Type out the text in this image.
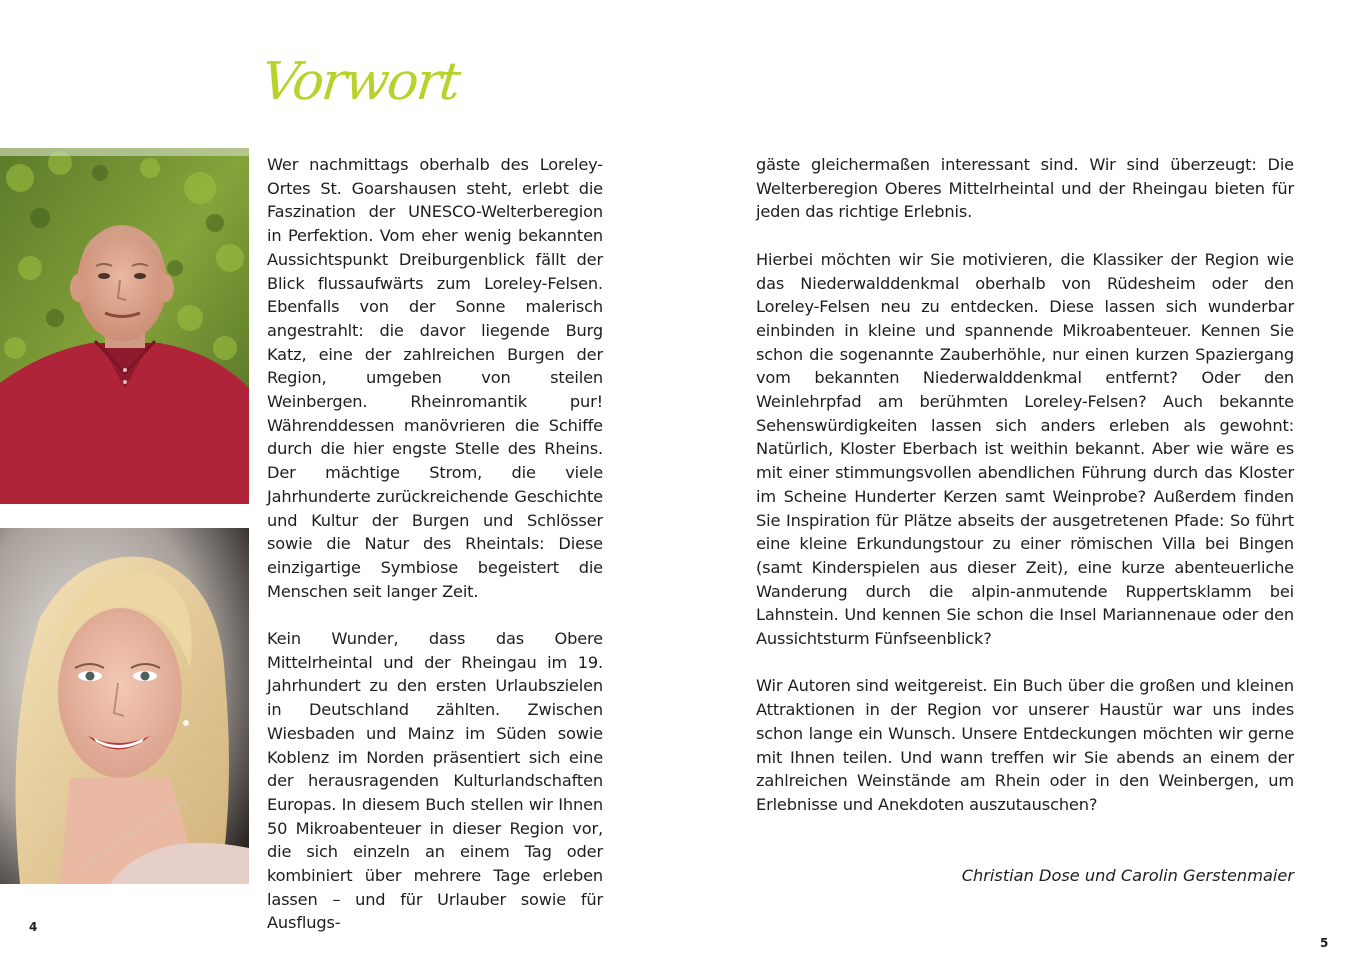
Vorwort

Wer nachmittags oberhalb des Loreley-Ortes St. Goarshausen steht, erlebt die Faszination der UNESCO-Welterberegion in Perfektion. Vom eher wenig bekannten Aussichtspunkt Dreiburgenblick fällt der Blick flussaufwärts zum Loreley-Felsen. Ebenfalls von der Sonne malerisch angestrahlt: die davor liegende Burg Katz, eine der zahlreichen Burgen der Region, umgeben von steilen Weinbergen. Rheinromantik pur! Währenddessen manövrieren die Schiffe durch die hier engste Stelle des Rheins. Der mächtige Strom, die viele Jahrhunderte zurückreichende Geschichte und Kultur der Burgen und Schlösser sowie die Natur des Rheintals: Diese einzigartige Symbiose begeistert die Menschen seit langer Zeit.

Kein Wunder, dass das Obere Mittelrheintal und der Rheingau im 19. Jahrhundert zu den ersten Urlaubszielen in Deutschland zählten. Zwischen Wiesbaden und Mainz im Süden sowie Koblenz im Norden präsentiert sich eine der herausragenden Kulturlandschaften Europas. In diesem Buch stellen wir Ihnen 50 Mikroabenteuer in dieser Region vor, die sich einzeln an einem Tag oder kombiniert über mehrere Tage erleben lassen – und für Urlauber sowie für Ausflugs-

gäste gleichermaßen interessant sind. Wir sind überzeugt: Die Welterberegion Oberes Mittelrheintal und der Rheingau bieten für jeden das richtige Erlebnis.

Hierbei möchten wir Sie motivieren, die Klassiker der Region wie das Niederwalddenkmal oberhalb von Rüdesheim oder den Loreley-Felsen neu zu entdecken. Diese lassen sich wunderbar einbinden in kleine und spannende Mikroabenteuer. Kennen Sie schon die sogenannte Zauberhöhle, nur einen kurzen Spaziergang vom bekannten Niederwalddenkmal entfernt? Oder den Weinlehrpfad am berühmten Loreley-Felsen? Auch bekannte Sehenswürdigkeiten lassen sich anders erleben als gewohnt: Natürlich, Kloster Eberbach ist weithin bekannt. Aber wie wäre es mit einer stimmungsvollen abendlichen Führung durch das Kloster im Scheine Hunderter Kerzen samt Weinprobe? Außerdem finden Sie Inspiration für Plätze abseits der ausgetretenen Pfade: So führt eine kleine Erkundungstour zu einer römischen Villa bei Bingen (samt Kinderspielen aus dieser Zeit), eine kurze abenteuerliche Wanderung durch die alpin-anmutende Ruppertsklamm bei Lahnstein. Und kennen Sie schon die Insel Mariannenaue oder den Aussichtsturm Fünfseenblick?

Wir Autoren sind weitgereist. Ein Buch über die großen und kleinen Attraktionen in der Region vor unserer Haustür war uns indes schon lange ein Wunsch. Unsere Entdeckungen möchten wir gerne mit Ihnen teilen. Und wann treffen wir Sie abends an einem der zahlreichen Weinstände am Rhein oder in den Weinbergen, um Erlebnisse und Anekdoten auszutauschen?

Christian Dose und Carolin Gerstenmaier
4
5
